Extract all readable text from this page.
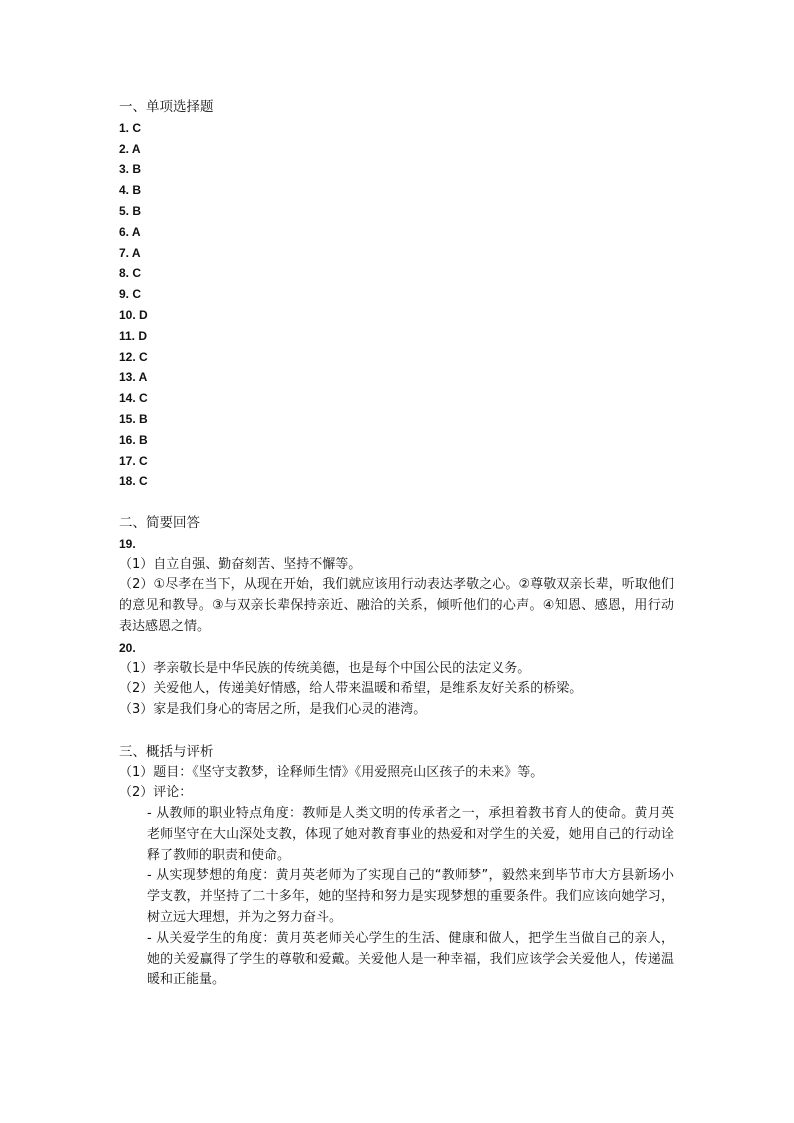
一、单项选择题
1. C
2. A
3. B
4. B
5. B
6. A
7. A
8. C
9. C
10. D
11. D
12. C
13. A
14. C
15. B
16. B
17. C
18. C
二、简要回答
19.
（1）自立自强、勤奋刻苦、坚持不懈等。
（2）①尽孝在当下，从现在开始，我们就应该用行动表达孝敬之心。②尊敬双亲长辈，听取他们的意见和教导。③与双亲长辈保持亲近、融洽的关系，倾听他们的心声。④知恩、感恩，用行动表达感恩之情。
20.
（1）孝亲敬长是中华民族的传统美德，也是每个中国公民的法定义务。
（2）关爱他人，传递美好情感，给人带来温暖和希望，是维系友好关系的桥梁。
（3）家是我们身心的寄居之所，是我们心灵的港湾。
三、概括与评析
（1）题目：《坚守支教梦，诠释师生情》《用爱照亮山区孩子的未来》等。
（2）评论：
- 从教师的职业特点角度：教师是人类文明的传承者之一，承担着教书育人的使命。黄月英老师坚守在大山深处支教，体现了她对教育事业的热爱和对学生的关爱，她用自己的行动诠释了教师的职责和使命。
- 从实现梦想的角度：黄月英老师为了实现自己的“教师梦”，毅然来到毕节市大方县新场小学支教，并坚持了二十多年，她的坚持和努力是实现梦想的重要条件。我们应该向她学习，树立远大理想，并为之努力奋斗。
- 从关爱学生的角度：黄月英老师关心学生的生活、健康和做人，把学生当做自己的亲人，她的关爱赢得了学生的尊敬和爱戴。关爱他人是一种幸福，我们应该学会关爱他人，传递温暖和正能量。
